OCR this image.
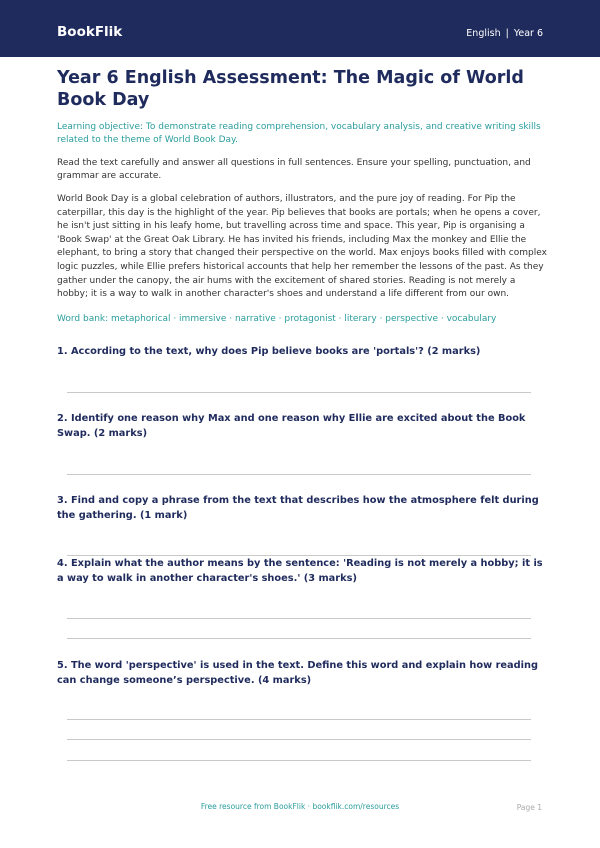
BookFlik	English | Year 6
Year 6 English Assessment: The Magic of World Book Day

Learning objective: To demonstrate reading comprehension, vocabulary analysis, and creative writing skills related to the theme of World Book Day.

Read the text carefully and answer all questions in full sentences. Ensure your spelling, punctuation, and grammar are accurate.

World Book Day is a global celebration of authors, illustrators, and the pure joy of reading. For Pip the caterpillar, this day is the highlight of the year. Pip believes that books are portals; when he opens a cover, he isn't just sitting in his leafy home, but travelling across time and space. This year, Pip is organising a 'Book Swap' at the Great Oak Library. He has invited his friends, including Max the monkey and Ellie the elephant, to bring a story that changed their perspective on the world. Max enjoys books filled with complex logic puzzles, while Ellie prefers historical accounts that help her remember the lessons of the past. As they gather under the canopy, the air hums with the excitement of shared stories. Reading is not merely a hobby; it is a way to walk in another character's shoes and understand a life different from our own.

Word bank: metaphorical · immersive · narrative · protagonist · literary · perspective · vocabulary

1. According to the text, why does Pip believe books are 'portals'? (2 marks)
2. Identify one reason why Max and one reason why Ellie are excited about the Book Swap. (2 marks)
3. Find and copy a phrase from the text that describes how the atmosphere felt during the gathering. (1 mark)
4. Explain what the author means by the sentence: 'Reading is not merely a hobby; it is a way to walk in another character's shoes.' (3 marks)
5. The word 'perspective' is used in the text. Define this word and explain how reading can change someone’s perspective. (4 marks)
Free resource from BookFlik · bookflik.com/resources	Page 1
